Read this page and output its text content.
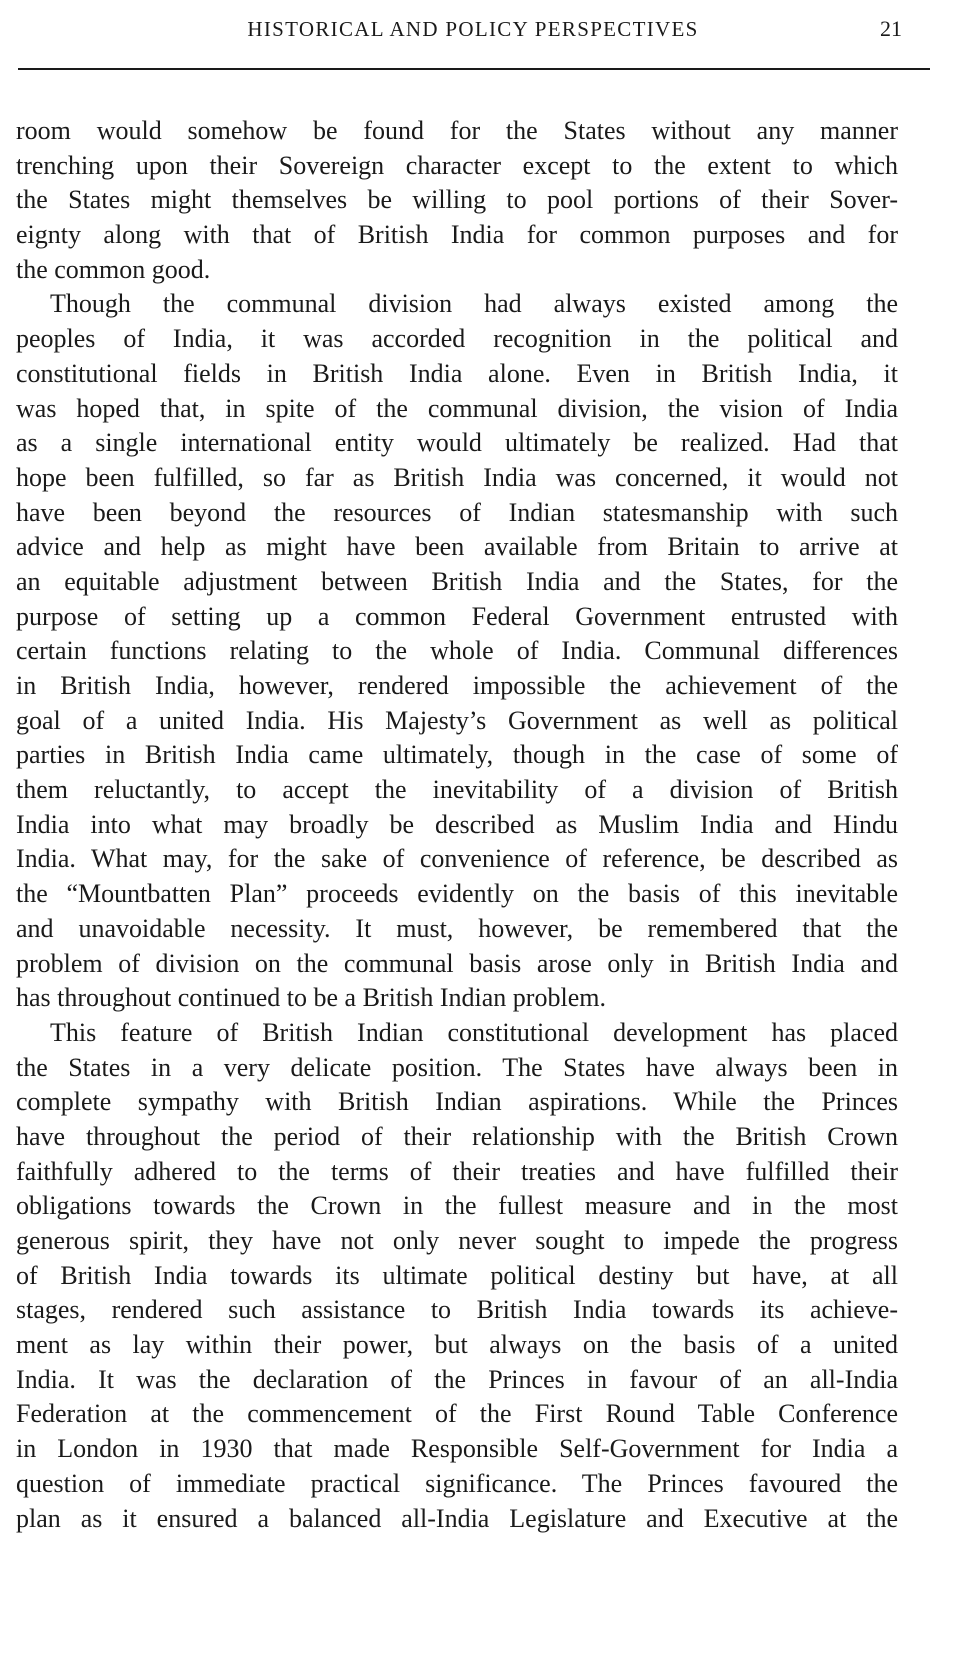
HISTORICAL AND POLICY PERSPECTIVES	21
room would somehow be found for the States without any manner
trenching upon their Sovereign character except to the extent to which
the States might themselves be willing to pool portions of their Sover-
eignty along with that of British India for common purposes and for
the common good.
Though the communal division had always existed among the
peoples of India, it was accorded recognition in the political and
constitutional fields in British India alone. Even in British India, it
was hoped that, in spite of the communal division, the vision of India
as a single international entity would ultimately be realized. Had that
hope been fulfilled, so far as British India was concerned, it would not
have been beyond the resources of Indian statesmanship with such
advice and help as might have been available from Britain to arrive at
an equitable adjustment between British India and the States, for the
purpose of setting up a common Federal Government entrusted with
certain functions relating to the whole of India. Communal differences
in British India, however, rendered impossible the achievement of the
goal of a united India. His Majesty’s Government as well as political
parties in British India came ultimately, though in the case of some of
them reluctantly, to accept the inevitability of a division of British
India into what may broadly be described as Muslim India and Hindu
India. What may, for the sake of convenience of reference, be described as
the “Mountbatten Plan” proceeds evidently on the basis of this inevitable
and unavoidable necessity. It must, however, be remembered that the
problem of division on the communal basis arose only in British India and
has throughout continued to be a British Indian problem.
This feature of British Indian constitutional development has placed
the States in a very delicate position. The States have always been in
complete sympathy with British Indian aspirations. While the Princes
have throughout the period of their relationship with the British Crown
faithfully adhered to the terms of their treaties and have fulfilled their
obligations towards the Crown in the fullest measure and in the most
generous spirit, they have not only never sought to impede the progress
of British India towards its ultimate political destiny but have, at all
stages, rendered such assistance to British India towards its achieve-
ment as lay within their power, but always on the basis of a united
India. It was the declaration of the Princes in favour of an all-India
Federation at the commencement of the First Round Table Conference
in London in 1930 that made Responsible Self-Government for India a
question of immediate practical significance. The Princes favoured the
plan as it ensured a balanced all-India Legislature and Executive at the
